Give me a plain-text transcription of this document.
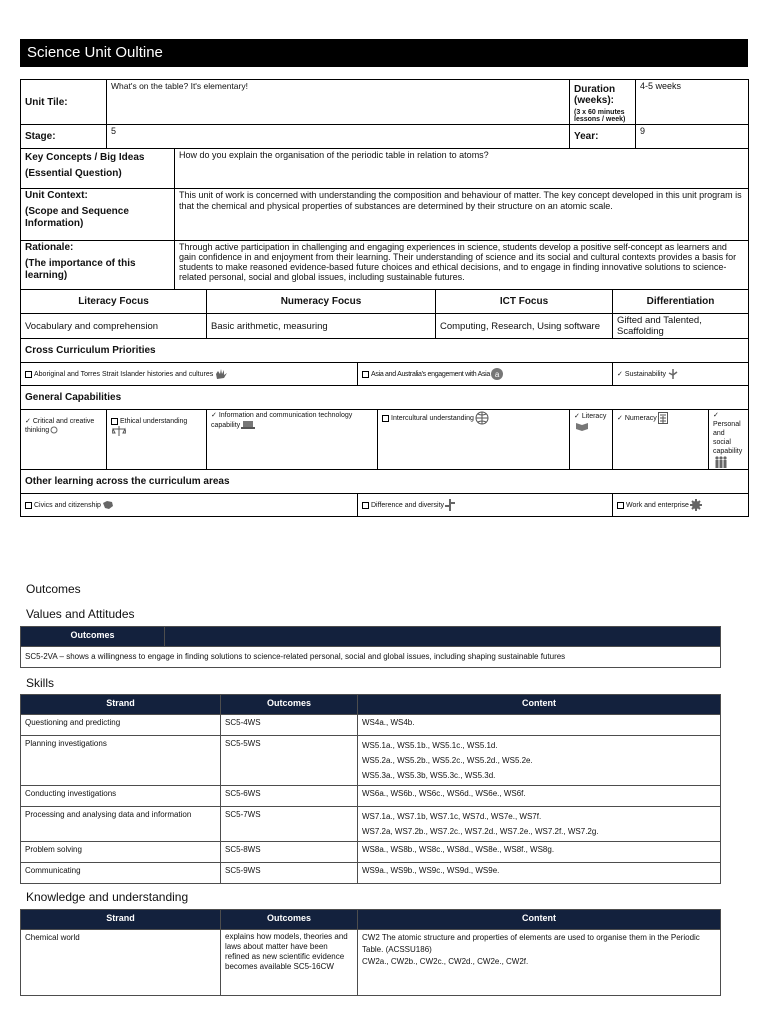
Science Unit Oultine
Unit Tile:	What's on the table? It's elementary!						Duration (weeks):
(3 x 60 minutes lessons / week)		4-5 weeks	
Stage:	5						Year:		9	

Key Concepts / Big Ideas
(Essential Question)		How do you explain the organisation of the periodic table in relation to atoms?								

Unit Context:
(Scope and Sequence Information)		This unit of work is concerned with understanding the composition and behaviour of matter. The key concept developed in this unit program is that the chemical and physical properties of substances are determined by their structure on an atomic scale.								

Rationale:
(The importance of this learning)		Through active participation in challenging and engaging experiences in science, students develop a positive self-concept as learners and gain confidence in and enjoyment from their learning. Their understanding of science and its social and cultural contexts provides a basis for students to make reasoned evidence-based future choices and ethical decisions, and to engage in finding innovative solutions to science-related personal, social and global issues, including sustainable futures.								
Literacy Focus			Numeracy Focus			ICT Focus		Differentiation		
Vocabulary and comprehension			Basic arithmetic, measuring			Computing, Research, Using software		Gifted and Talented, Scaffolding		
Cross Curriculum Priorities										
Aboriginal and Torres Strait Islander histories and cultures				Asia and Australia's engagement with Asia a				✓ Sustainability		
General Capabilities										
✓ Critical and creative thinking	Ethical understanding		✓ Information and communication technology capability		Intercultural understanding		✓ Literacy	✓ Numeracy		✓ Personal and social capability
Other learning across the curriculum areas										
Civics and citizenship				Difference and diversity				Work and enterprise		
Outcomes
Values and Attitudes
Outcomes	
SC5-2VA – shows a willingness to engage in finding solutions to science-related personal, social and global issues, including shaping sustainable futures
Skills
Strand	Outcomes	Content
Questioning and predicting	SC5-4WS	WS4a., WS4b.

Planning investigations	SC5-5WS	WS5.1a., WS5.1b., WS5.1c., WS5.1d.
WS5.2a., WS5.2b., WS5.2c., WS5.2d., WS5.2e.
WS5.3a., WS5.3b, WS5.3c., WS5.3d.

Conducting investigations	SC5-6WS	WS6a., WS6b., WS6c., WS6d., WS6e., WS6f.

Processing and analysing data and information	SC5-7WS	WS7.1a., WS7.1b, WS7.1c, WS7d., WS7e., WS7f.
WS7.2a, WS7.2b., WS7.2c., WS7.2d., WS7.2e., WS7.2f., WS7.2g.

Problem solving	SC5-8WS	WS8a., WS8b., WS8c., WS8d., WS8e., WS8f., WS8g.

Communicating	SC5-9WS	WS9a., WS9b., WS9c., WS9d., WS9e.
Knowledge and understanding
Strand	Outcomes	Content
Chemical world	explains how models, theories and laws about matter have been refined as new scientific evidence becomes available SC5-16CW	CW2 The atomic structure and properties of elements are used to organise them in the Periodic Table. (ACSSU186)
CW2a., CW2b., CW2c., CW2d., CW2e., CW2f.
